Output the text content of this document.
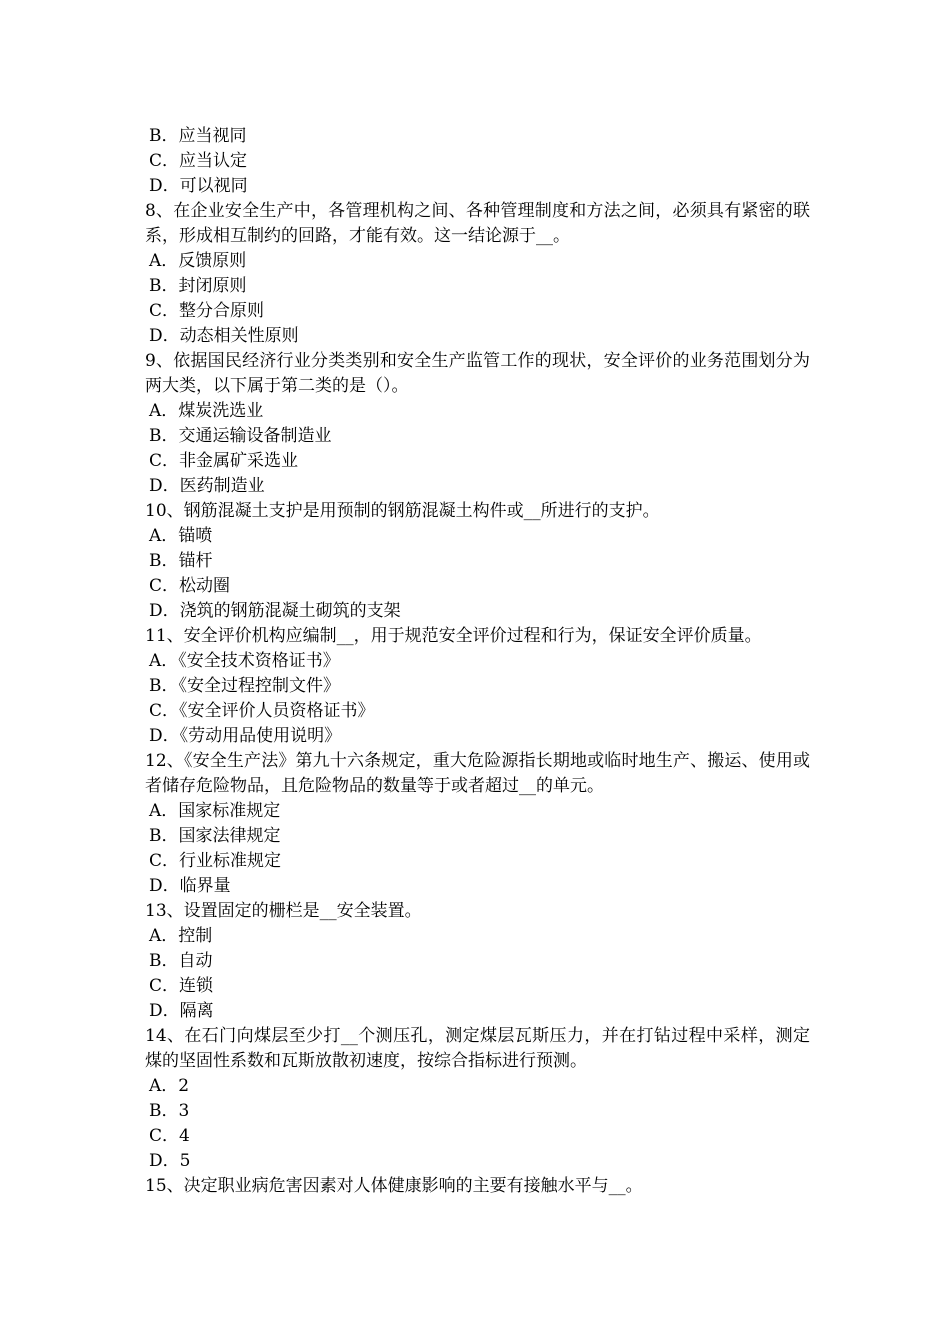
B．应当视同

C．应当认定

D．可以视同

8、在企业安全生产中，各管理机构之间、各种管理制度和方法之间，必须具有紧密的联系，形成相互制约的回路，才能有效。这一结论源于__。

A．反馈原则

B．封闭原则

C．整分合原则

D．动态相关性原则

9、依据国民经济行业分类类别和安全生产监管工作的现状，安全评价的业务范围划分为两大类，以下属于第二类的是（）。

A．煤炭洗选业

B．交通运输设备制造业

C．非金属矿采选业

D．医药制造业

10、钢筋混凝土支护是用预制的钢筋混凝土构件或__所进行的支护。

A．锚喷

B．锚杆

C．松动圈

D．浇筑的钢筋混凝土砌筑的支架

11、安全评价机构应编制__，用于规范安全评价过程和行为，保证安全评价质量。

A．《安全技术资格证书》

B．《安全过程控制文件》

C．《安全评价人员资格证书》

D．《劳动用品使用说明》

12、《安全生产法》第九十六条规定，重大危险源指长期地或临时地生产、搬运、使用或者储存危险物品，且危险物品的数量等于或者超过__的单元。

A．国家标准规定

B．国家法律规定

C．行业标准规定

D．临界量

13、设置固定的栅栏是__安全装置。

A．控制

B．自动

C．连锁

D．隔离

14、在石门向煤层至少打__个测压孔，测定煤层瓦斯压力，并在打钻过程中采样，测定煤的坚固性系数和瓦斯放散初速度，按综合指标进行预测。

A．2

B．3

C．4

D．5

15、决定职业病危害因素对人体健康影响的主要有接触水平与__。
